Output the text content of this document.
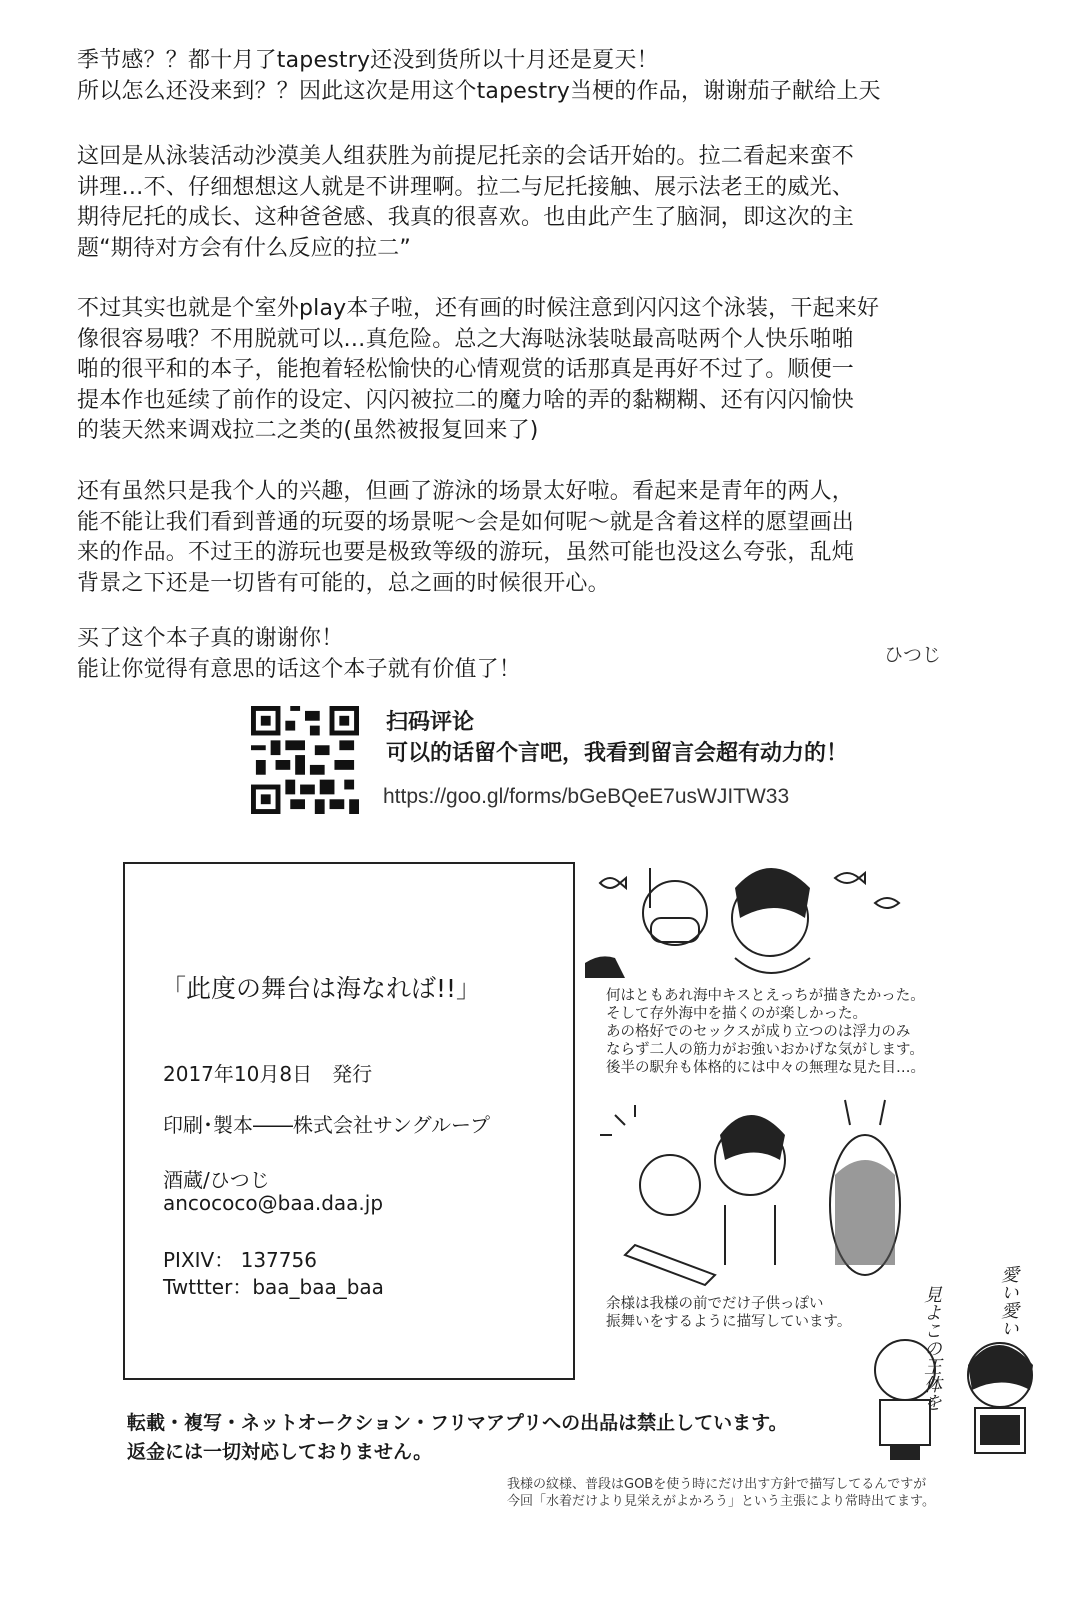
季节感？？都十月了tapestry还没到货所以十月还是夏天！
所以怎么还没来到？？因此这次是用这个tapestry当梗的作品，谢谢茄子献给上天
这回是从泳装活动沙漠美人组获胜为前提尼托亲的会话开始的。拉二看起来蛮不
讲理…不、仔细想想这人就是不讲理啊。拉二与尼托接触、展示法老王的威光、
期待尼托的成长、这种爸爸感、我真的很喜欢。也由此产生了脑洞，即这次的主
题“期待对方会有什么反应的拉二”
不过其实也就是个室外play本子啦，还有画的时候注意到闪闪这个泳装，干起来好
像很容易哦？不用脱就可以…真危险。总之大海哒泳装哒最高哒两个人快乐啪啪
啪的很平和的本子，能抱着轻松愉快的心情观赏的话那真是再好不过了。顺便一
提本作也延续了前作的设定、闪闪被拉二的魔力啥的弄的黏糊糊、还有闪闪愉快
的装天然来调戏拉二之类的(虽然被报复回来了)
还有虽然只是我个人的兴趣，但画了游泳的场景太好啦。看起来是青年的两人，
能不能让我们看到普通的玩耍的场景呢～会是如何呢～就是含着这样的愿望画出
来的作品。不过王的游玩也要是极致等级的游玩，虽然可能也没这么夸张，乱炖
背景之下还是一切皆有可能的，总之画的时候很开心。
买了这个本子真的谢谢你！
能让你觉得有意思的话这个本子就有价值了！
ひつじ
扫码评论
可以的话留个言吧，我看到留言会超有动力的！
https://goo.gl/forms/bGeBQeE7usWJITW33
「此度の舞台は海なれば!!」
2017年10月8日　発行
印刷･製本――株式会社サングループ
酒蔵/ひつじ
ancococo@baa.daa.jp
PIXIV： 137756
Twttter：baa_baa_baa
何はともあれ海中キスとえっちが描きたかった。
そして存外海中を描くのが楽しかった。
あの格好でのセックスが成り立つのは浮力のみ
ならず二人の筋力がお強いおかげな気がします。
後半の駅弁も体格的には中々の無理な見た目…。
余様は我様の前でだけ子供っぽい
振舞いをするように描写しています。	見よこの王体を	愛い愛い
転載・複写・ネットオークション・フリマアプリへの出品は禁止しています。
返金には一切対応しておりません。
我様の紋様、普段はGOBを使う時にだけ出す方針で描写してるんですが
今回「水着だけより見栄えがよかろう」という主張により常時出てます。
